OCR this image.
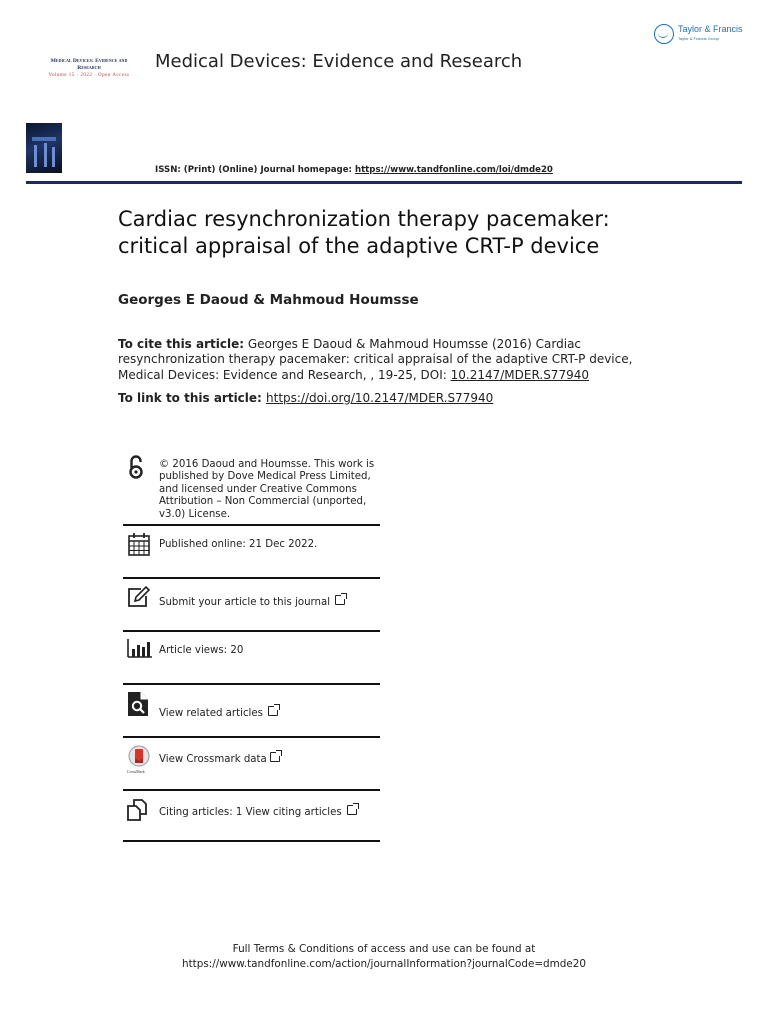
Taylor & Francis
Taylor & Francis Group
Medical Devices: Evidence and Research
Volume 15 · 2022 · Open Access
Medical Devices: Evidence and Research
ISSN: (Print) (Online) Journal homepage: https://www.tandfonline.com/loi/dmde20
Cardiac resynchronization therapy pacemaker:
critical appraisal of the adaptive CRT-P device
Georges E Daoud & Mahmoud Houmsse
To cite this article: Georges E Daoud & Mahmoud Houmsse (2016) Cardiac resynchronization therapy pacemaker: critical appraisal of the adaptive CRT-P device, Medical Devices: Evidence and Research, , 19-25, DOI: 10.2147/MDER.S77940
To link to this article: https://doi.org/10.2147/MDER.S77940
© 2016 Daoud and Houmsse. This work is published by Dove Medical Press Limited, and licensed under Creative Commons Attribution – Non Commercial (unported, v3.0) License.
Published online: 21 Dec 2022.
Submit your article to this journal
Article views: 20
View related articles
CrossMark
View Crossmark data
Citing articles: 1 View citing articles
Full Terms & Conditions of access and use can be found at
https://www.tandfonline.com/action/journalInformation?journalCode=dmde20
